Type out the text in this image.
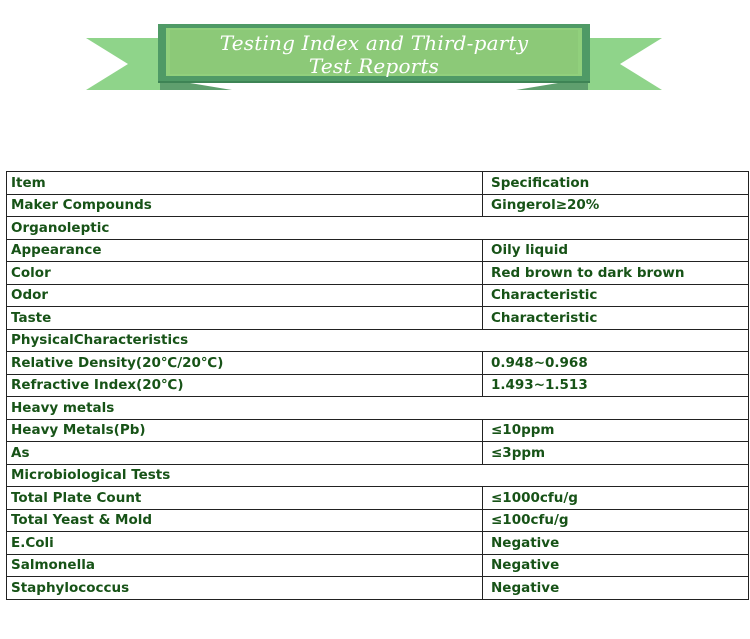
Testing Index and Third-party
Test Reports
Item	Specification
Maker Compounds	Gingerol≥20%
Organoleptic	
Appearance	Oily liquid
Color	Red brown to dark brown
Odor	Characteristic
Taste	Characteristic
PhysicalCharacteristics	
Relative Density(20℃/20℃)	0.948~0.968
Refractive Index(20℃)	1.493~1.513
Heavy metals	
Heavy Metals(Pb)	≤10ppm
As	≤3ppm
Microbiological Tests	
Total Plate Count	≤1000cfu/g
Total Yeast & Mold	≤100cfu/g
E.Coli	Negative
Salmonella	Negative
Staphylococcus	Negative
